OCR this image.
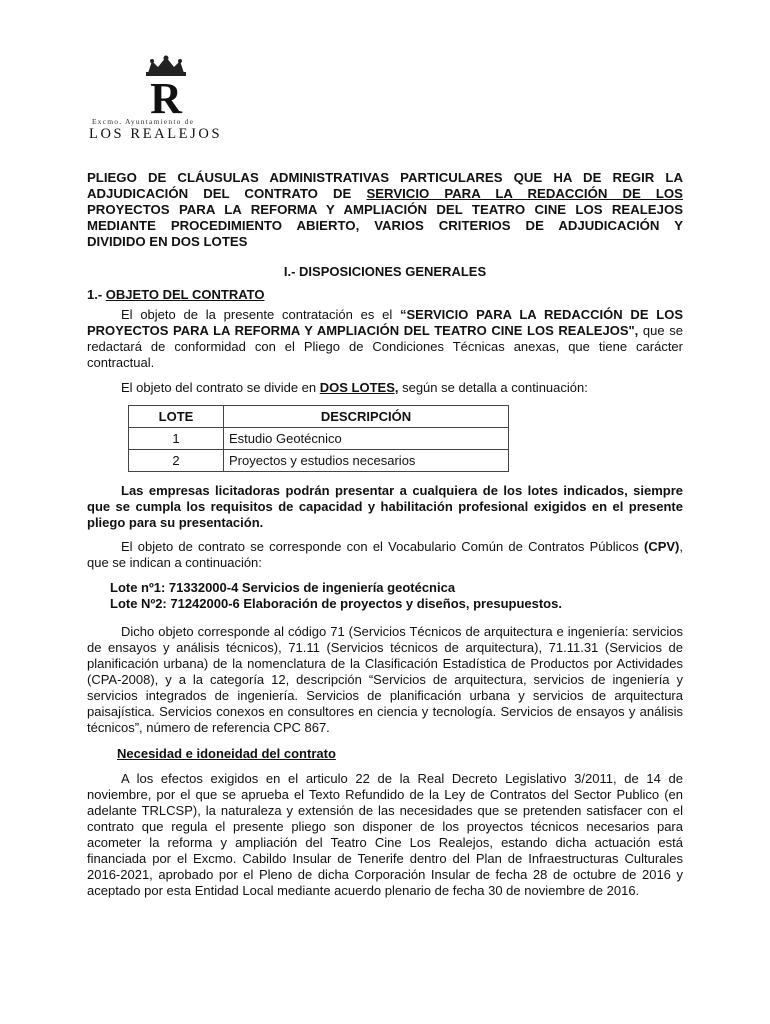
R
Excmo. Ayuntamiento de
LOS REALEJOS
PLIEGO DE CLÁUSULAS ADMINISTRATIVAS PARTICULARES QUE HA DE REGIR LA
ADJUDICACIÓN DEL CONTRATO DE SERVICIO PARA LA REDACCIÓN DE LOS
PROYECTOS PARA LA REFORMA Y AMPLIACIÓN DEL TEATRO CINE LOS REALEJOS
MEDIANTE PROCEDIMIENTO ABIERTO, VARIOS CRITERIOS DE ADJUDICACIÓN Y
DIVIDIDO EN DOS LOTES
I.- DISPOSICIONES GENERALES
1.- OBJETO DEL CONTRATO
El objeto de la presente contratación es el “SERVICIO PARA LA REDACCIÓN DE LOS PROYECTOS PARA LA REFORMA Y AMPLIACIÓN DEL TEATRO CINE LOS REALEJOS", que se redactará de conformidad con el Pliego de Condiciones Técnicas anexas, que tiene carácter contractual.
El objeto del contrato se divide en DOS LOTES, según se detalla a continuación:
LOTE	DESCRIPCIÓN
1	Estudio Geotécnico
2	Proyectos y estudios necesarios
Las empresas licitadoras podrán presentar a cualquiera de los lotes indicados, siempre que se cumpla los requisitos de capacidad y habilitación profesional exigidos en el presente pliego para su presentación.
El objeto de contrato se corresponde con el Vocabulario Común de Contratos Públicos (CPV), que se indican a continuación:
Lote nº1: 71332000-4 Servicios de ingeniería geotécnica
Lote Nº2: 71242000-6 Elaboración de proyectos y diseños, presupuestos.
Dicho objeto corresponde al código 71 (Servicios Técnicos de arquitectura e ingeniería: servicios de ensayos y análisis técnicos), 71.11 (Servicios técnicos de arquitectura), 71.11.31 (Servicios de planificación urbana) de la nomenclatura de la Clasificación Estadística de Productos por Actividades (CPA-2008), y a la categoría 12, descripción “Servicios de arquitectura, servicios de ingeniería y servicios integrados de ingeniería. Servicios de planificación urbana y servicios de arquitectura paisajística. Servicios conexos en consultores en ciencia y tecnología. Servicios de ensayos y análisis técnicos”, número de referencia CPC 867.
Necesidad e idoneidad del contrato
A los efectos exigidos en el articulo 22 de la Real Decreto Legislativo 3/2011, de 14 de noviembre, por el que se aprueba el Texto Refundido de la Ley de Contratos del Sector Publico (en adelante TRLCSP), la naturaleza y extensión de las necesidades que se pretenden satisfacer con el contrato que regula el presente pliego son disponer de los proyectos técnicos necesarios para acometer la reforma y ampliación del Teatro Cine Los Realejos, estando dicha actuación está financiada por el Excmo. Cabildo Insular de Tenerife dentro del Plan de Infraestructuras Culturales 2016-2021, aprobado por el Pleno de dicha Corporación Insular de fecha 28 de octubre de 2016 y aceptado por esta Entidad Local mediante acuerdo plenario de fecha 30 de noviembre de 2016.
